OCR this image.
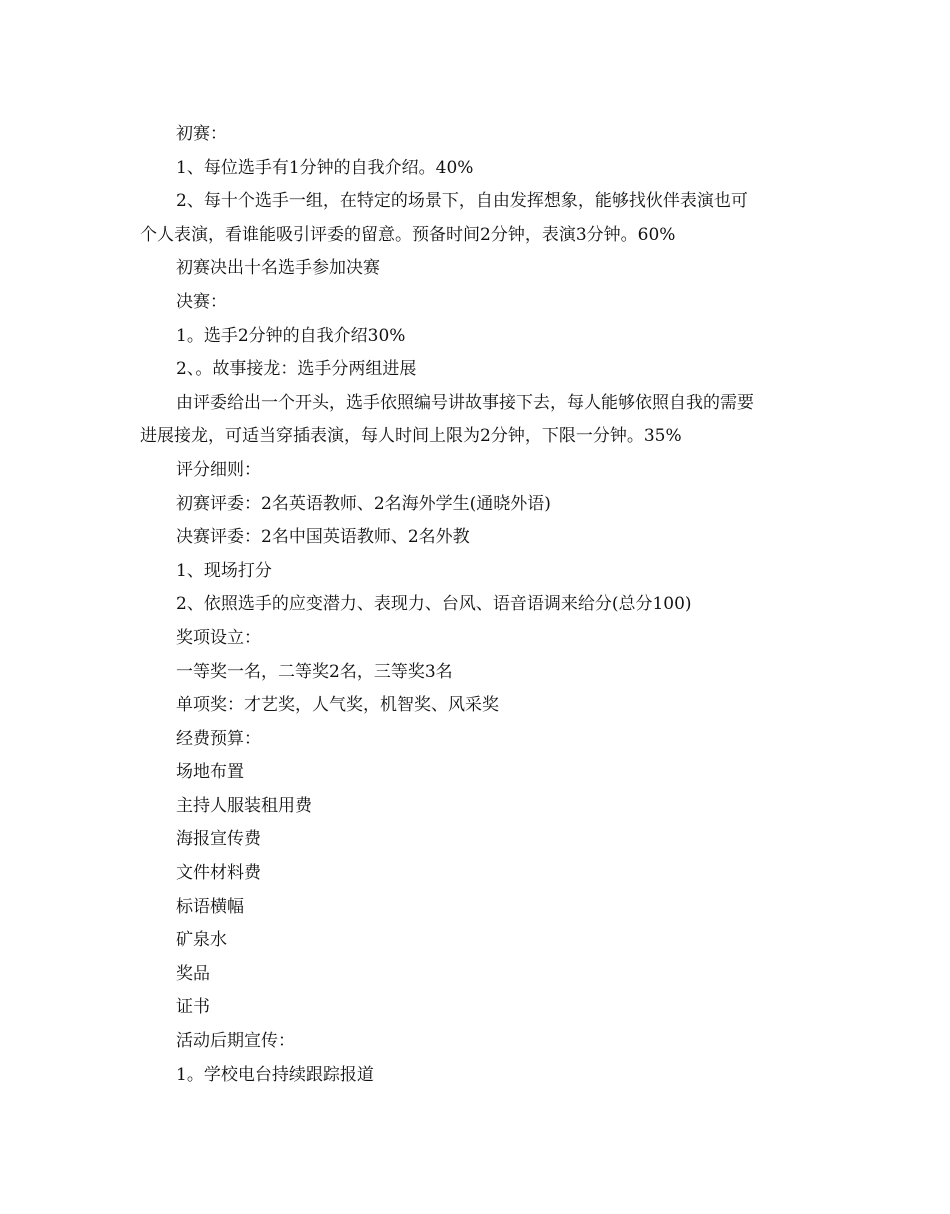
初赛：

1、每位选手有1分钟的自我介绍。40%

2、每十个选手一组，在特定的场景下，自由发挥想象，能够找伙伴表演也可

个人表演，看谁能吸引评委的留意。预备时间2分钟，表演3分钟。60%

初赛决出十名选手参加决赛

决赛：

1。选手2分钟的自我介绍30%

2、。故事接龙：选手分两组进展

由评委给出一个开头，选手依照编号讲故事接下去，每人能够依照自我的需要

进展接龙，可适当穿插表演，每人时间上限为2分钟，下限一分钟。35%

评分细则：

初赛评委：2名英语教师、2名海外学生(通晓外语)

决赛评委：2名中国英语教师、2名外教

1、现场打分

2、依照选手的应变潜力、表现力、台风、语音语调来给分(总分100)

奖项设立：

一等奖一名，二等奖2名，三等奖3名

单项奖：才艺奖，人气奖，机智奖、风采奖

经费预算：

场地布置

主持人服装租用费

海报宣传费

文件材料费

标语横幅

矿泉水

奖品

证书

活动后期宣传：

1。学校电台持续跟踪报道
